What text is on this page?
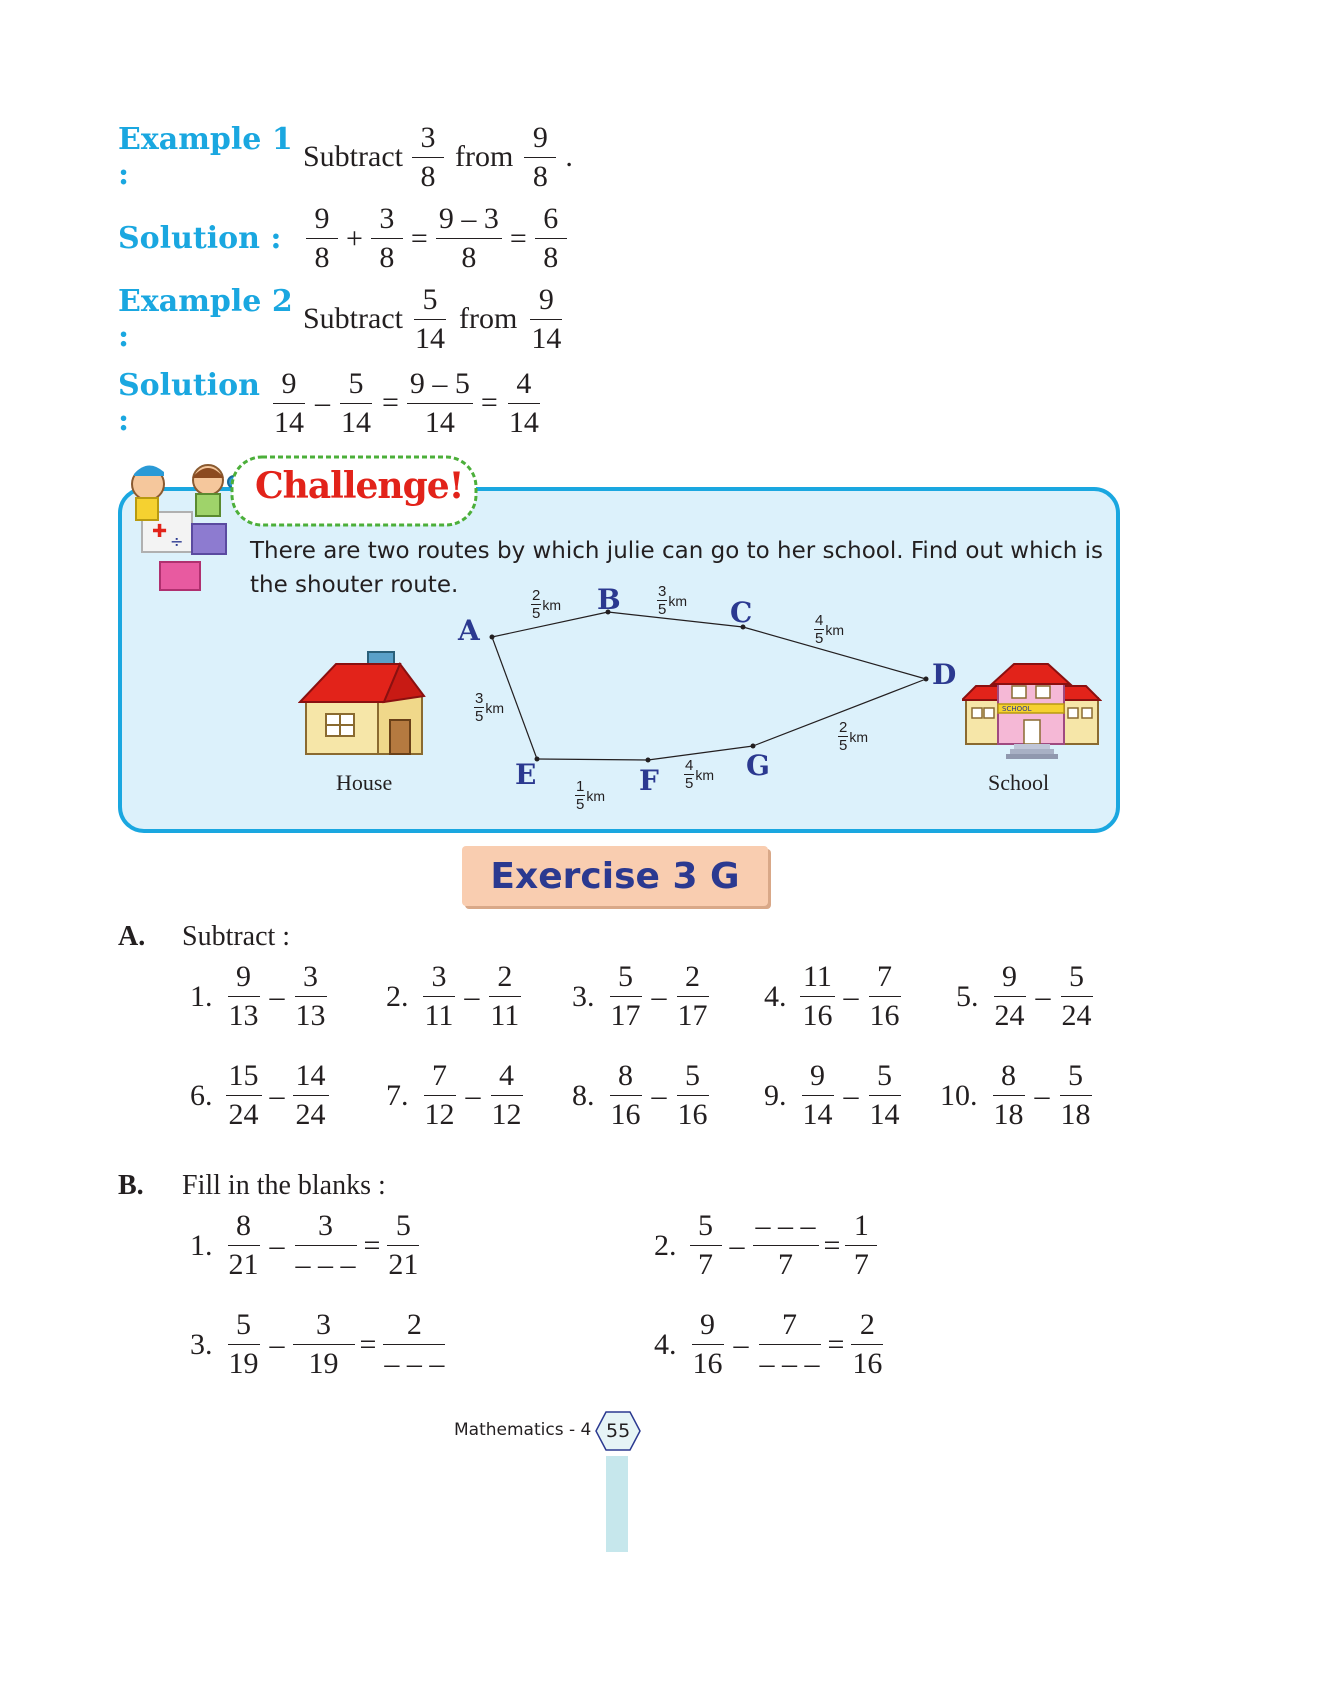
Example 1 :
Subtract $\frac{3}{8}$ from $\frac{9}{8}$ .
Solution : $\frac{9}{8} + \frac{3}{8} = \frac{9 - 3}{8} = \frac{6}{8}$
Example 2 :
Subtract $\frac{5}{14}$ from $\frac{9}{14}$
Solution :	$\frac{9}{14} - \frac{5}{14} = \frac{9 - 5}{14} = \frac{4}{14}$
✚ ÷
Challenge!
There are two routes by which julie can go to her school. Find out which is
the shouter route.
A
B	C
D
E	F	G
$\frac{2}{5}$ km	$\frac{3}{5}$ km
$\frac{4}{5}$ km
$\frac{3}{5}$ km
$\frac{1}{5}$ km
$\frac{4}{5}$ km
$\frac{2}{5}$ km
House
SCHOOL
School
Exercise 3 G
A. Subtract :
1. $\frac{9}{13} - \frac{3}{13} 2$. $\frac{3}{11} - \frac{2}{11} 3$. $\frac{5}{17} - \frac{2}{17} 4$. $\frac{11}{16} - \frac{7}{16} 5$. $\frac{9}{24} - \frac{5}{24}$
6. $\frac{15}{24} - \frac{14}{24} 7$. $\frac{7}{12} - \frac{4}{12} 8$. $\frac{8}{16} - \frac{5}{16} 9$. $\frac{9}{14} - \frac{5}{14} 10$. $\frac{8}{18} - \frac{5}{18}$
B. Fill in the blanks :
1. $\frac{8}{21} - \frac{3}{- - -} = \frac{5}{21}$	2. $\frac{5}{7} - \frac{- - -}{7} = \frac{1}{7}$
3. $\frac{5}{19} - \frac{3}{19} = \frac{2}{- - -}$	4. $\frac{9}{16} - \frac{7}{- - -} = \frac{2}{16}$
Mathematics - 4 55
